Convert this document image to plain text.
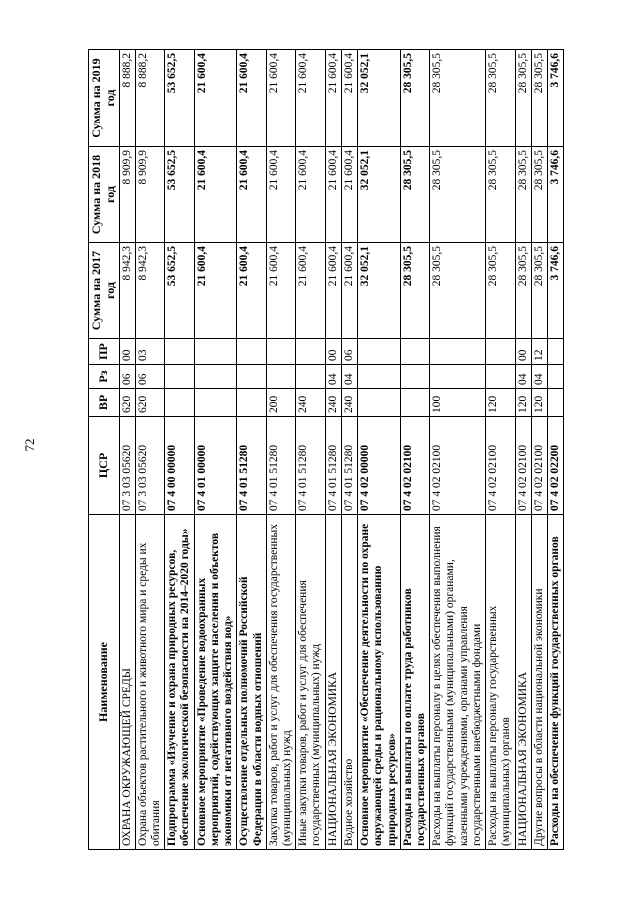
72
Наименование	ЦСР	ВР	Рз	ПР	Сумма на 2017 год	Сумма на 2018 год	Сумма на 2019 год
ОХРАНА ОКРУЖАЮЩЕЙ СРЕДЫ	07 3 03 05620	620	06	00	8 942,3	8 909,9	8 888,2
Охрана объектов растительного и животного мира и среды их обитания	07 3 03 05620	620	06	03	8 942,3	8 909,9	8 888,2
Подпрограмма «Изучение и охрана природных ресурсов, обеспечение экологической безопасности на 2014–2020 годы»	07 4 00 00000				53 652,5	53 652,5	53 652,5
Основное мероприятие «Проведение водоохранных мероприятий, содействующих защите населения и объектов экономики от негативного воздействия вод»	07 4 01 00000				21 600,4	21 600,4	21 600,4
Осуществление отдельных полномочий Российской Федерации в области водных отношений	07 4 01 51280				21 600,4	21 600,4	21 600,4
Закупка товаров, работ и услуг для обеспечения государственных (муниципальных) нужд	07 4 01 51280	200			21 600,4	21 600,4	21 600,4
Иные закупки товаров, работ и услуг для обеспечения государственных (муниципальных) нужд	07 4 01 51280	240			21 600,4	21 600,4	21 600,4
НАЦИОНАЛЬНАЯ ЭКОНОМИКА	07 4 01 51280	240	04	00	21 600,4	21 600,4	21 600,4
Водное хозяйство	07 4 01 51280	240	04	06	21 600,4	21 600,4	21 600,4
Основное мероприятие «Обеспечение деятельности по охране окружающей среды и рациональному использованию природных ресурсов»	07 4 02 00000				32 052,1	32 052,1	32 052,1
Расходы на выплаты по оплате труда работников государственных органов	07 4 02 02100				28 305,5	28 305,5	28 305,5
Расходы на выплаты персоналу в целях обеспечения выполнения функций государственными (муниципальными) органами, казенными учреждениями, органами управления государственными внебюджетными фондами	07 4 02 02100	100			28 305,5	28 305,5	28 305,5
Расходы на выплаты персоналу государственных (муниципальных) органов	07 4 02 02100	120			28 305,5	28 305,5	28 305,5
НАЦИОНАЛЬНАЯ ЭКОНОМИКА	07 4 02 02100	120	04	00	28 305,5	28 305,5	28 305,5
Другие вопросы в области национальной экономики	07 4 02 02100	120	04	12	28 305,5	28 305,5	28 305,5
Расходы на обеспечение функций государственных органов	07 4 02 02200				3 746,6	3 746,6	3 746,6
